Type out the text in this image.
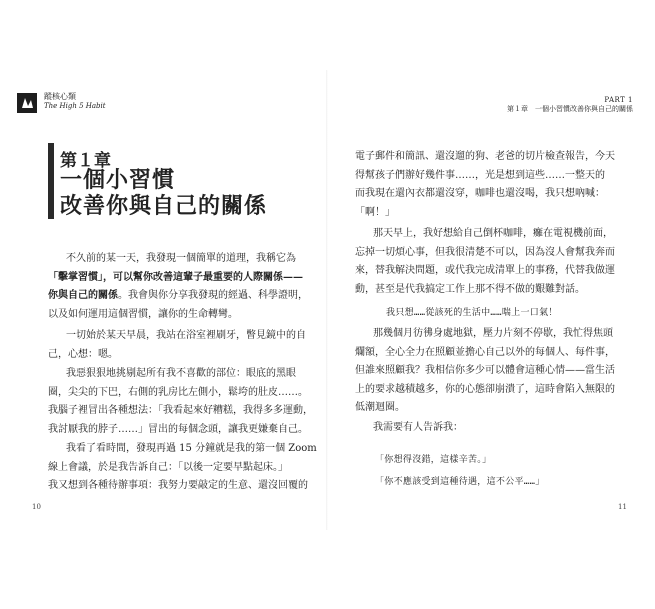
蹤核心類
The High 5 Habit
PART 1
第１章　一個小習慣改善你與自己的關係
第１章
一個小習慣
改善你與自己的關係
不久前的某一天，我發現一個簡單的道理，我稱它為
「擊掌習慣」，可以幫你改善這輩子最重要的人際關係——
你與自己的關係。我會與你分享我發現的經過、科學證明，
以及如何運用這個習慣，讓你的生命轉彎。
一切始於某天早晨，我站在浴室裡刷牙，瞥見鏡中的自
己，心想：嗯。
我惡狠狠地挑剔起所有我不喜歡的部位：眼底的黑眼
圈，尖尖的下巴，右側的乳房比左側小，鬆垮的肚皮……。
我腦子裡冒出各種想法：「我看起來好糟糕，我得多多運動，
我討厭我的脖子……」冒出的每個念頭，讓我更嫌棄自己。
我看了看時間，發現再過 15 分鐘就是我的第一個 Zoom
線上會議，於是我告訴自己：「以後一定要早點起床。」
我又想到各種待辦事項：我努力要敲定的生意、還沒回覆的
10
電子郵件和簡訊、還沒遛的狗、老爸的切片檢查報告，今天
得幫孩子們辦好幾件事……，光是想到這些……一整天的
而我現在還內衣都還沒穿，咖啡也還沒喝，我只想吶喊：
「啊！」
那天早上，我好想給自己倒杯咖啡，癱在電視機前面，
忘掉一切煩心事，但我很清楚不可以，因為沒人會幫我奔而
來，替我解決問題，或代我完成清單上的事務，代替我做運
動，甚至是代我搞定工作上那不得不做的艱難對話。
我只想……從該死的生活中……喘上一口氣！
那幾個月彷彿身處地獄，壓力片刻不停歇，我忙得焦頭
爛額，全心全力在照顧並擔心自己以外的每個人、每件事，
但誰來照顧我？我相信你多少可以體會這種心情——當生活
上的要求越積越多，你的心態卻崩潰了，這時會陷入無限的
低潮迴圈。
我需要有人告訴我：
「你想得沒錯，這樣辛苦。」
「你不應該受到這種待遇，這不公平……」
11
